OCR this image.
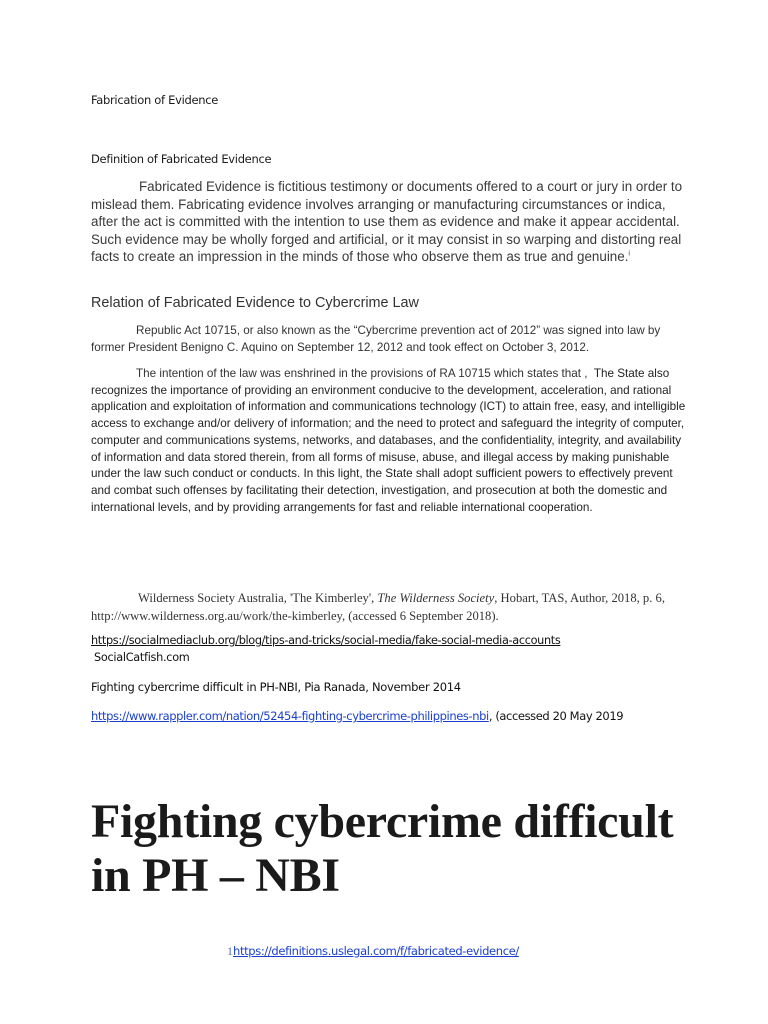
Fabrication of Evidence
Definition of Fabricated Evidence

Fabricated Evidence is fictitious testimony or documents offered to a court or jury in order to mislead them. Fabricating evidence involves arranging or manufacturing circumstances or indica, after the act is committed with the intention to use them as evidence and make it appear accidental. Such evidence may be wholly forged and artificial, or it may consist in so warping and distorting real facts to create an impression in the minds of those who observe them as true and genuine.$^i$

Relation of Fabricated Evidence to Cybercrime Law

Republic Act 10715, or also known as the “Cybercrime prevention act of 2012” was signed into law by former President Benigno C. Aquino on September 12, 2012 and took effect on October 3, 2012.

The intention of the law was enshrined in the provisions of RA 10715 which states that , The State also recognizes the importance of providing an environment conducive to the development, acceleration, and rational application and exploitation of information and communications technology (ICT) to attain free, easy, and intelligible access to exchange and/or delivery of information; and the need to protect and safeguard the integrity of computer, computer and communications systems, networks, and databases, and the confidentiality, integrity, and availability of information and data stored therein, from all forms of misuse, abuse, and illegal access by making punishable under the law such conduct or conducts. In this light, the State shall adopt sufficient powers to effectively prevent and combat such offenses by facilitating their detection, investigation, and prosecution at both the domestic and international levels, and by providing arrangements for fast and reliable international cooperation.

Wilderness Society Australia, 'The Kimberley', The Wilderness Society, Hobart, TAS, Author, 2018, p. 6, http://www.wilderness.org.au/work/the-kimberley, (accessed 6 September 2018).

https://socialmediaclub.org/blog/tips-and-tricks/social-media/fake-social-media-accounts
SocialCatfish.com
Fighting cybercrime difficult in PH-NBI, Pia Ranada, November 2014
https://www.rappler.com/nation/52454-fighting-cybercrime-philippines-nbi, (accessed 20 May 2019
Fighting cybercrime difficult in PH – NBI
1https://definitions.uslegal.com/f/fabricated-evidence/
